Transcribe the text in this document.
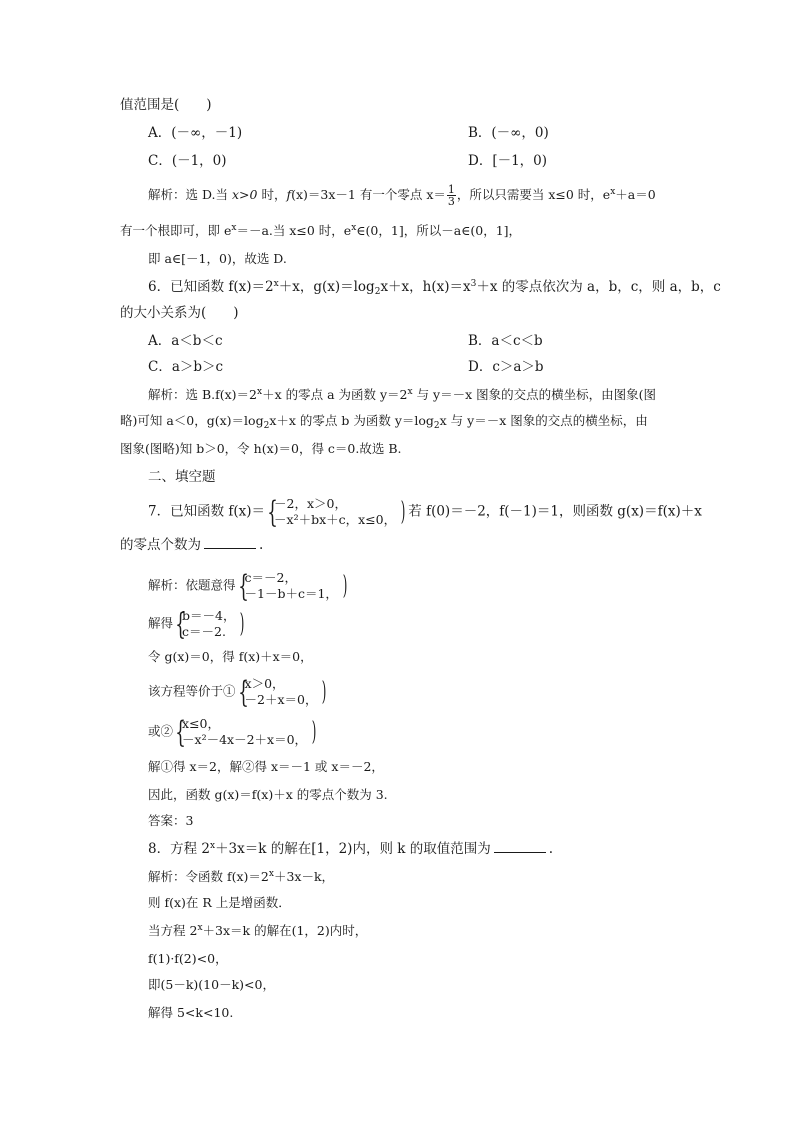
值范围是(　　)
A．(－∞，－1)	B．(－∞，0)
C．(－1，0)	D．[－1，0)
解析：选 D.当 x>0 时，f(x)＝3x－1 有一个零点 $x= \frac{1}{3}$ ，所以只需要当 x≤0 时，$e^x+a=0$
有一个根即可，即 $e^x=-a$.当 x≤0 时，$e^x\in(0$，1]，所以－a∈(0，1]，
即 a∈[－1，0)，故选 D.
6．已知函数 $f(x)=2^x+x$，$g(x)=\log_2x+x$，$h(x)=x^3+x$ 的零点依次为 a，b，c，则 a，b，c
的大小关系为(　　)
A．a＜b＜c	B．a＜c＜b
C．a＞b＞c	D．c＞a＞b
解析：选 $B.f(x)=2^x+x$ 的零点 a 为函数 $y=2^x$ 与 y＝－x 图象的交点的横坐标，由图象(图
略)可知 a＜0，$g(x)=\log_2x+x$ 的零点 b 为函数 $y=\log_2x$ 与 y＝－x 图象的交点的横坐标，由
图象(图略)知 b＞0，令 h(x)＝0，得 c＝0.故选 B.
二、填空题
7．已知函数 f(x)＝ { －2，x＞0，
－x²＋bx＋c，x≤0， ) 若 f(0)＝－2，f(－1)＝1，则函数 g(x)＝f(x)＋x
的零点个数为	.
解析：依题意得 { c＝－2，
－1－b＋c＝1， )
解得 { b＝－4，
c＝－2. )
令 g(x)＝0，得 f(x)＋x＝0，
该方程等价于① { x＞0，
－2＋x＝0， )
或② { x≤0，
－x²－4x－2＋x＝0， )
解①得 x＝2，解②得 x＝－1 或 x＝－2，
因此，函数 g(x)＝f(x)＋x 的零点个数为 3.
答案：3
8．方程 $2^x+3x=k$ 的解在[1，2)内，则 k 的取值范围为	.
解析：令函数 $f(x)=2^x+3x-k$，
则 f(x)在 R 上是增函数．
当方程 $2^x+3x=k$ 的解在(1，2)内时，
f(1)·f(2)<0，
即(5－k)(10－k)<0，
解得 5<k<10.
